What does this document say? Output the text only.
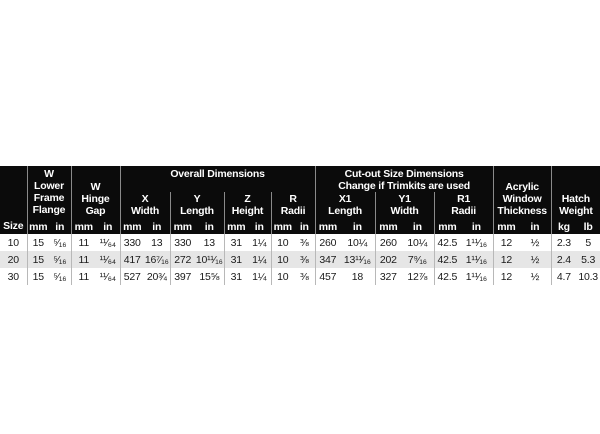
Size	W Lower Frame Flange		W Hinge Gap		Overall Dimensions								Cut-out Size Dimensions Change if Trimkits are used						Acrylic Window Thickness		Hatch Weight	
					X Width		Y Length		Z Height		R Radii		X1 Length		Y1 Width		R1 Radii					
	mm	in	mm	in	mm	in	mm	in	mm	in	mm	in	mm	in	mm	in	mm	in	mm	in	kg	lb
10	15	⁵⁄₁₆	11	¹¹⁄₆₄	330	13	330	13	31	1¼	10	⅜	260	10¼	260	10¼	42.5	1¹¹⁄₁₆	12	½	2.3	5
20	15	⁵⁄₁₆	11	¹¹⁄₆₄	417	16⁷⁄₁₆	272	10¹¹⁄₁₆	31	1¼	10	⅜	347	13¹¹⁄₁₆	202	7⁹⁄₁₆	42.5	1¹¹⁄₁₆	12	½	2.4	5.3
30	15	⁵⁄₁₆	11	¹¹⁄₆₄	527	20¾	397	15⅝	31	1¼	10	⅜	457	18	327	12⅞	42.5	1¹¹⁄₁₆	12	½	4.7	10.3
